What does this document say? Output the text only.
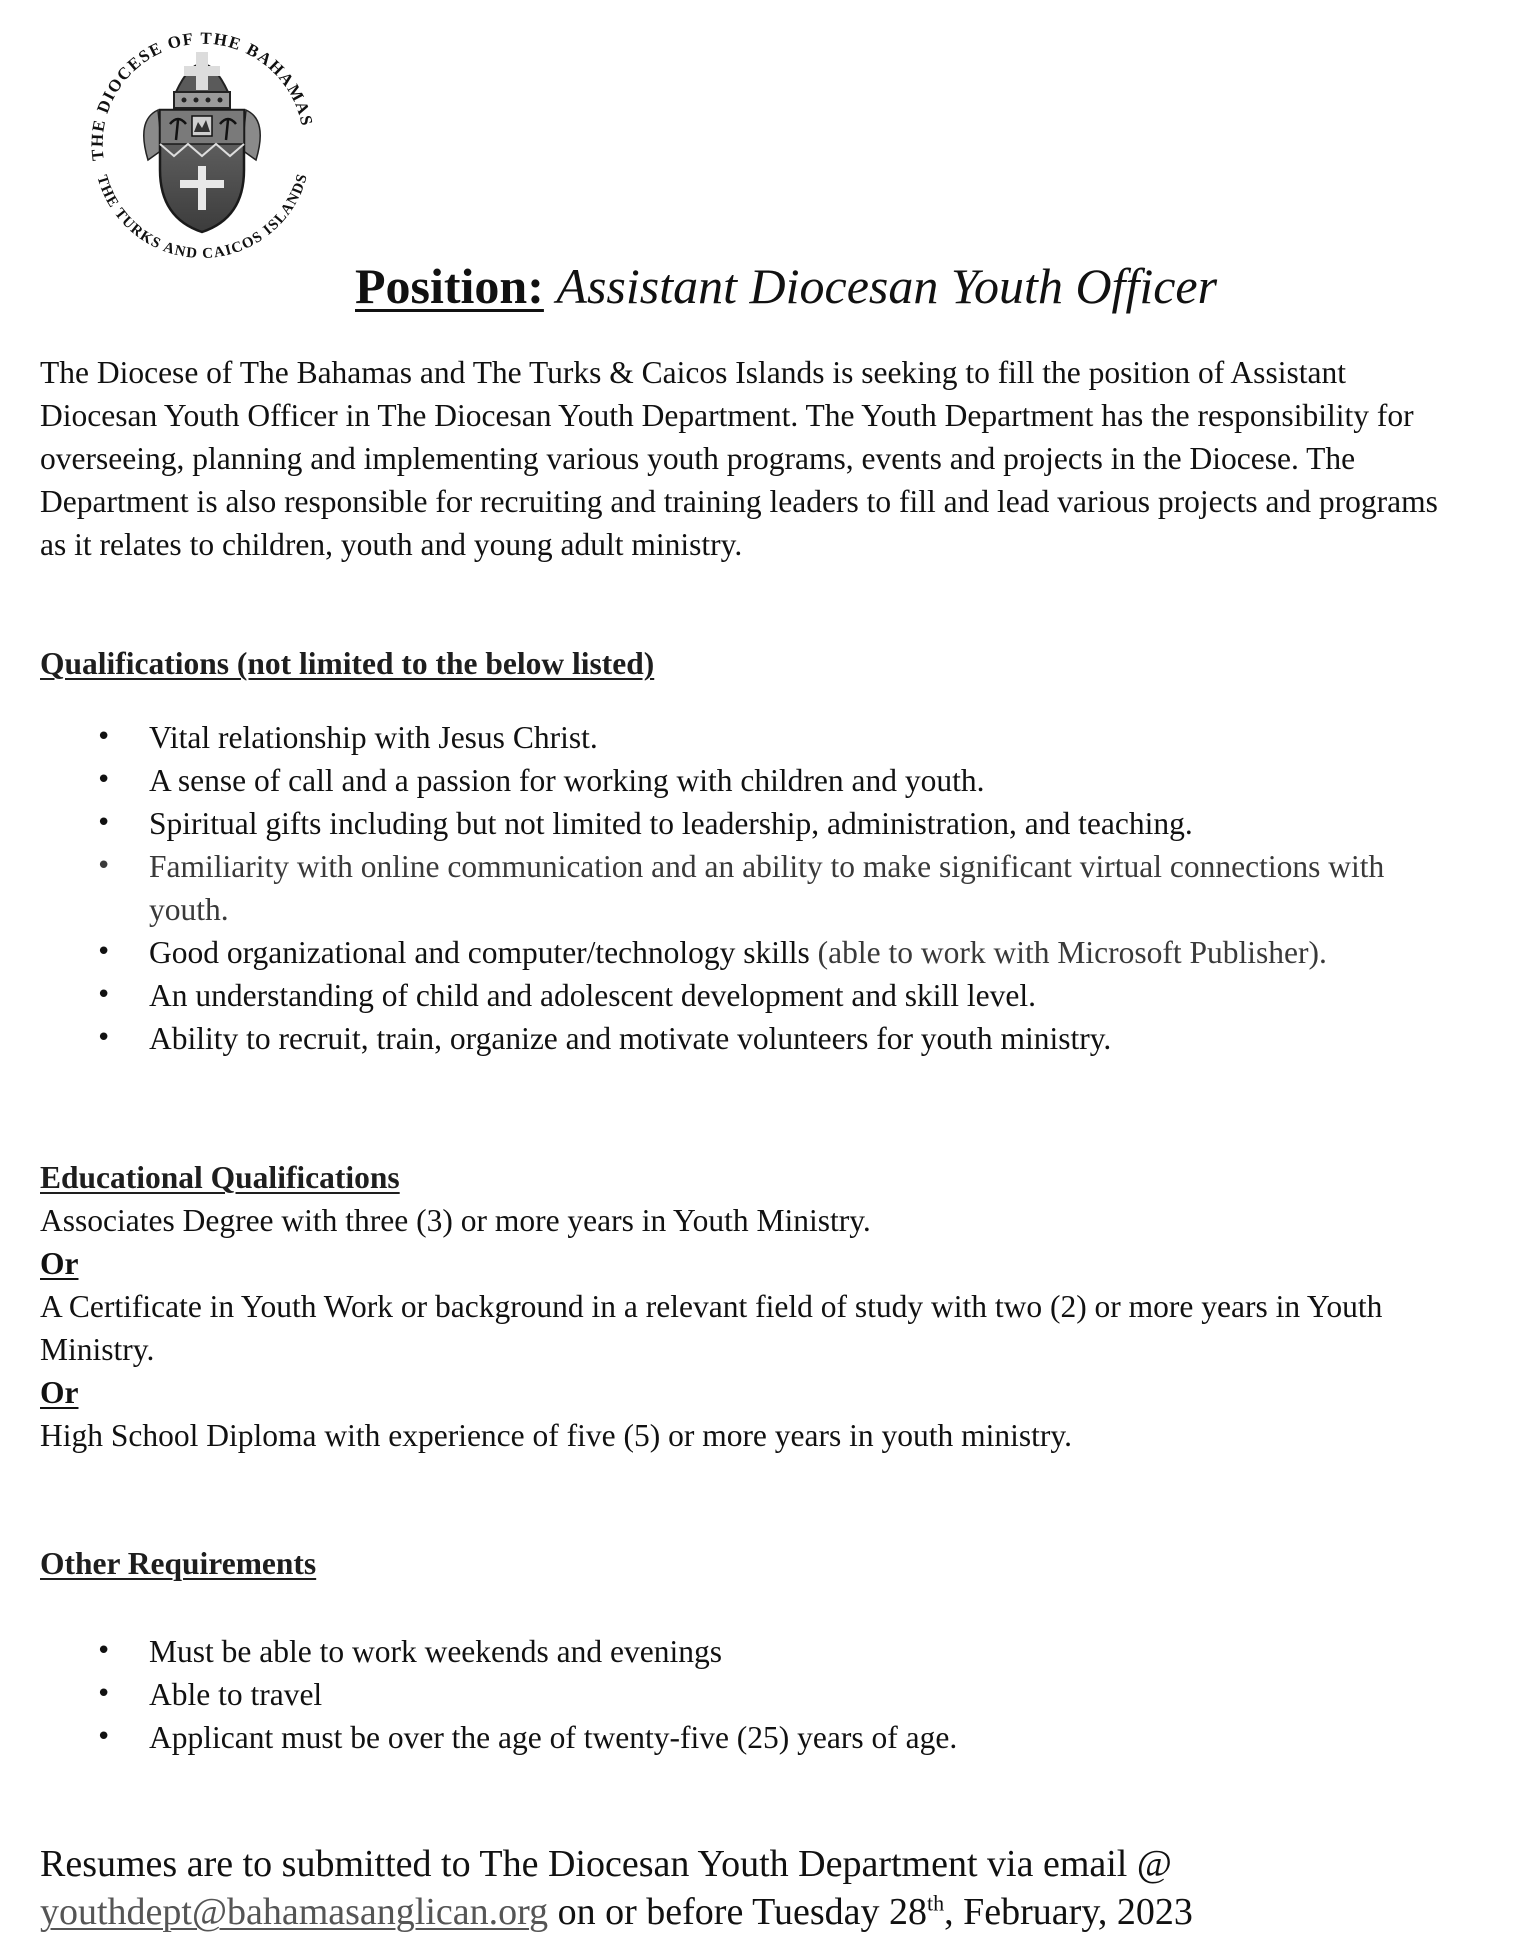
THE DIOCESE OF THE BAHAMAS
THE TURKS AND CAICOS ISLANDS
Position: Assistant Diocesan Youth Officer
The Diocese of The Bahamas and The Turks & Caicos Islands is seeking to fill the position of Assistant Diocesan Youth Officer in The Diocesan Youth Department. The Youth Department has the responsibility for overseeing, planning and implementing various youth programs, events and projects in the Diocese. The Department is also responsible for recruiting and training leaders to fill and lead various projects and programs as it relates to children, youth and young adult ministry.
Qualifications (not limited to the below listed)
• Vital relationship with Jesus Christ.
• A sense of call and a passion for working with children and youth.
• Spiritual gifts including but not limited to leadership, administration, and teaching.
• Familiarity with online communication and an ability to make significant virtual connections with youth.
• Good organizational and computer/technology skills (able to work with Microsoft Publisher).
• An understanding of child and adolescent development and skill level.
• Ability to recruit, train, organize and motivate volunteers for youth ministry.
Educational Qualifications
Associates Degree with three (3) or more years in Youth Ministry.
Or
A Certificate in Youth Work or background in a relevant field of study with two (2) or more years in Youth Ministry.
Or
High School Diploma with experience of five (5) or more years in youth ministry.
Other Requirements
• Must be able to work weekends and evenings
• Able to travel
• Applicant must be over the age of twenty-five (25) years of age.
Resumes are to submitted to The Diocesan Youth Department via email @
youthdept@bahamasanglican.org on or before Tuesday 28th, February, 2023
